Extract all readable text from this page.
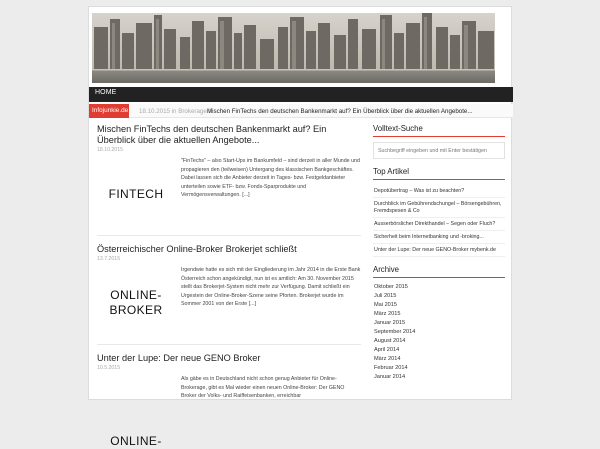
HOME
Infojunkie.de 18.10.2015 in Brokerage //
Mischen FinTechs den deutschen Bankenmarkt auf? Ein Überblick über die aktuellen Angebote...
Mischen FinTechs den deutschen Bankenmarkt auf? Ein Überblick über die aktuellen Angebote...
18.10.2015
FINTECH
"FinTechs" – also Start-Ups im Bankumfeld – sind derzeit in aller Munde und propagieren den (teilweisen) Untergang des klassischen Bankgeschäftes. Dabei lassen sich die Anbieter derzeit in Tages- bzw. Festgeldanbieter unterteilen sowie ETF- bzw. Fonds-Sparprodukte und Vermögensverwaltungen. [...]
Österreichischer Online-Broker Brokerjet schließt
13.7.2015
ONLINE-
BROKER
Irgendwie hatte es sich mit der Eingliederung im Jahr 2014 in die Erste Bank Österreich schon angekündigt, nun ist es amtlich: Am 30. November 2015 stellt das Brokerjet-System nicht mehr zur Verfügung. Damit schließt ein Urgestein der Online-Broker-Szene seine Pforten. Brokerjet wurde im Sommer 2001 von der Erste [...]
Unter der Lupe: Der neue GENO Broker
10.5.2015
ONLINE-
Als gäbe es in Deutschland nicht schon genug Anbieter für Online-Brokerage, gibt es Mal wieder einen neuen Online-Broker: Der GENO Broker der Volks- und Raiffeisenbanken, erreichbar
Volltext-Suche
Suchbegriff eingeben und mit Enter bestätigen
Top Artikel
Depotübertrag – Was ist zu beachten?
Durchblick im Gebührendschungel – Börsengebühren, Fremdspesen & Co
Ausserbörslicher Direkthandel – Segen oder Fluch?
Sicherheit beim Internetbanking und -broking...
Unter der Lupe: Der neue GENO-Broker mybenk.de
Archive
Oktober 2015
Juli 2015
Mai 2015
März 2015
Januar 2015
September 2014
August 2014
April 2014
März 2014
Februar 2014
Januar 2014
